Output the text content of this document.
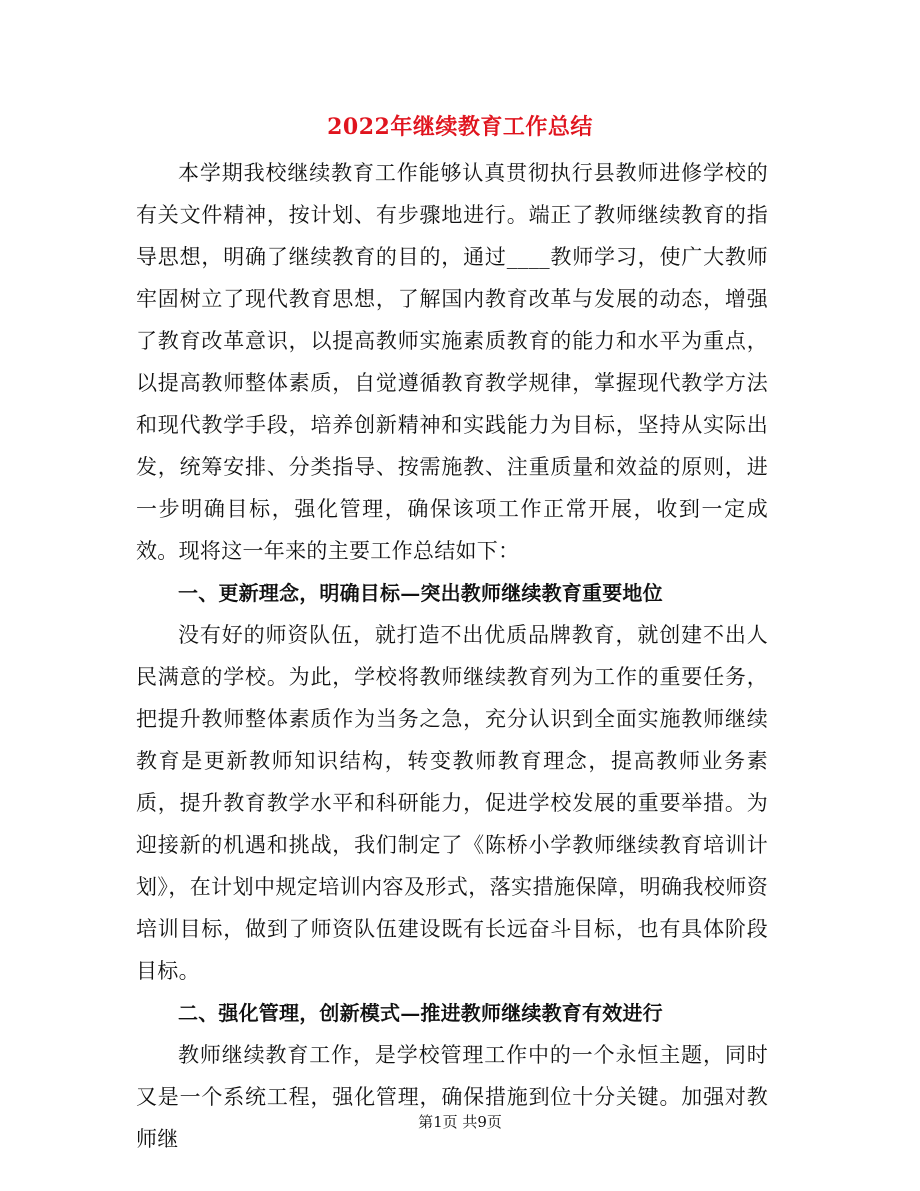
2022年继续教育工作总结

本学期我校继续教育工作能够认真贯彻执行县教师进修学校的有关文件精神，按计划、有步骤地进行。端正了教师继续教育的指导思想，明确了继续教育的目的，通过____教师学习，使广大教师牢固树立了现代教育思想，了解国内教育改革与发展的动态，增强了教育改革意识，以提高教师实施素质教育的能力和水平为重点，以提高教师整体素质，自觉遵循教育教学规律，掌握现代教学方法和现代教学手段，培养创新精神和实践能力为目标，坚持从实际出发，统筹安排、分类指导、按需施教、注重质量和效益的原则，进一步明确目标，强化管理，确保该项工作正常开展，收到一定成效。现将这一年来的主要工作总结如下：

一、更新理念，明确目标—突出教师继续教育重要地位

没有好的师资队伍，就打造不出优质品牌教育，就创建不出人民满意的学校。为此，学校将教师继续教育列为工作的重要任务，把提升教师整体素质作为当务之急，充分认识到全面实施教师继续教育是更新教师知识结构，转变教师教育理念，提高教师业务素质，提升教育教学水平和科研能力，促进学校发展的重要举措。为迎接新的机遇和挑战，我们制定了《陈桥小学教师继续教育培训计划》，在计划中规定培训内容及形式，落实措施保障，明确我校师资培训目标，做到了师资队伍建设既有长远奋斗目标，也有具体阶段目标。

二、强化管理，创新模式—推进教师继续教育有效进行

教师继续教育工作，是学校管理工作中的一个永恒主题，同时又是一个系统工程，强化管理，确保措施到位十分关键。加强对教师继

第1页 共9页
